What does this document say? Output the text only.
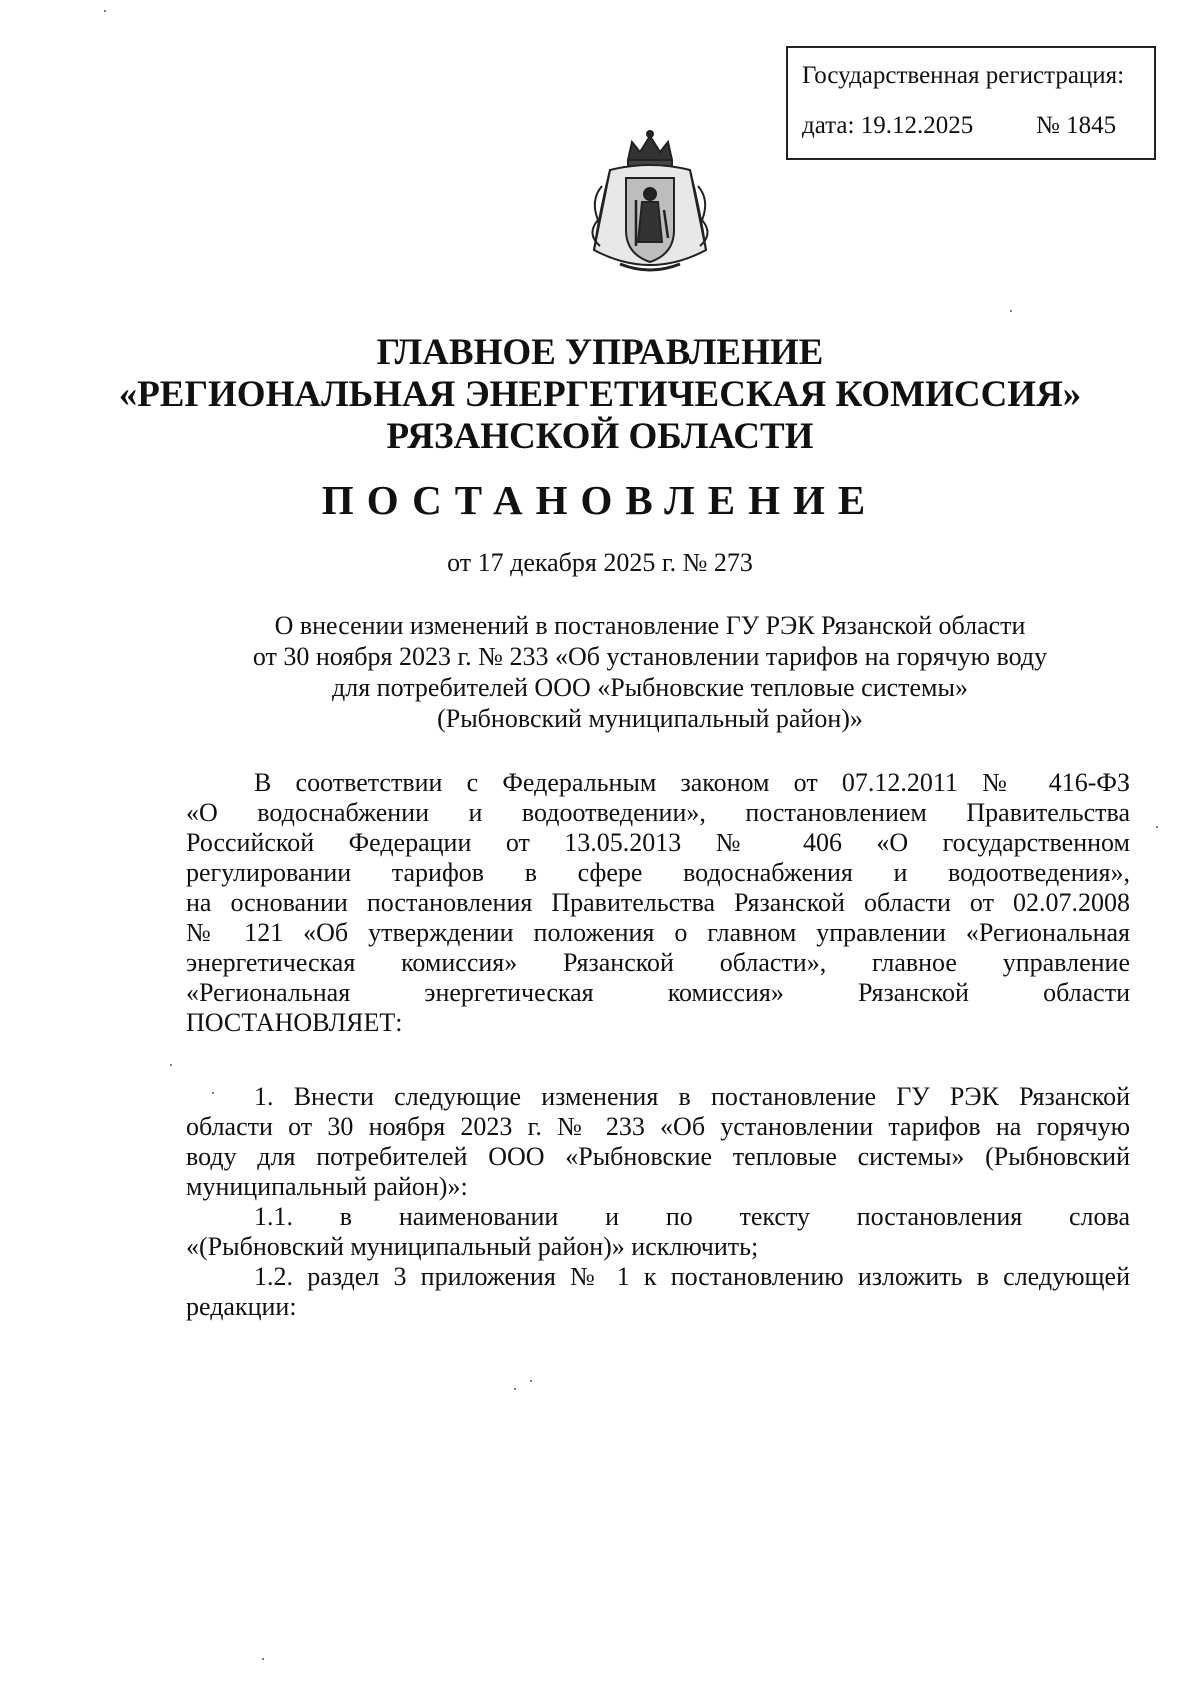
Государственная регистрация:
дата: 19.12.2025	№ 1845
ГЛАВНОЕ УПРАВЛЕНИЕ
«РЕГИОНАЛЬНАЯ ЭНЕРГЕТИЧЕСКАЯ КОМИССИЯ»
РЯЗАНСКОЙ ОБЛАСТИ
ПОСТАНОВЛЕНИЕ
от 17 декабря 2025 г. № 273
О внесении изменений в постановление ГУ РЭК Рязанской области
от 30 ноября 2023 г. № 233 «Об установлении тарифов на горячую воду
для потребителей ООО «Рыбновские тепловые системы»
(Рыбновский муниципальный район)»
В соответствии с Федеральным законом от 07.12.2011 № 416-ФЗ
«О водоснабжении и водоотведении», постановлением Правительства
Российской Федерации от 13.05.2013 № 406 «О государственном
регулировании тарифов в сфере водоснабжения и водоотведения»,
на основании постановления Правительства Рязанской области от 02.07.2008
№ 121 «Об утверждении положения о главном управлении «Региональная
энергетическая комиссия» Рязанской области», главное управление
«Региональная энергетическая комиссия» Рязанской области
ПОСТАНОВЛЯЕТ:
1. Внести следующие изменения в постановление ГУ РЭК Рязанской
области от 30 ноября 2023 г. № 233 «Об установлении тарифов на горячую
воду для потребителей ООО «Рыбновские тепловые системы» (Рыбновский
муниципальный район)»:
1.1. в наименовании и по тексту постановления слова
«(Рыбновский муниципальный район)» исключить;
1.2. раздел 3 приложения № 1 к постановлению изложить в следующей
редакции:
